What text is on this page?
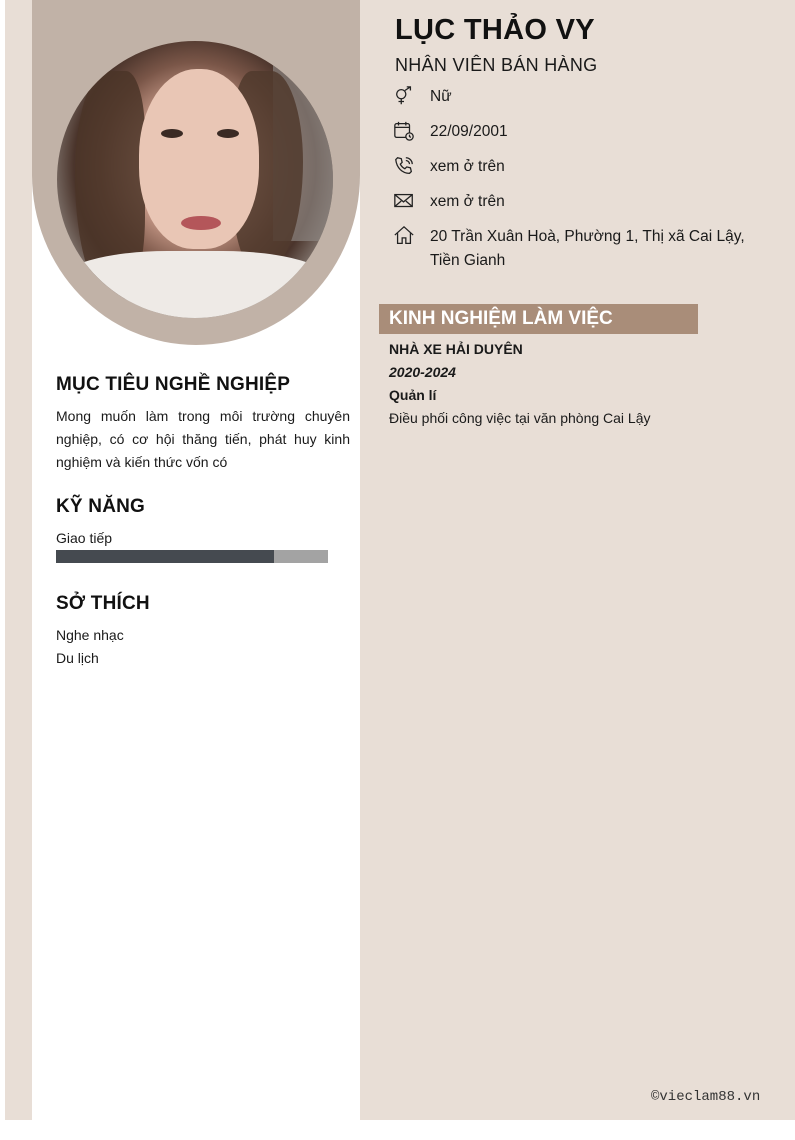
MỤC TIÊU NGHỀ NGHIỆP
Mong muốn làm trong môi trường chuyên nghiệp, có cơ hội thăng tiến, phát huy kinh nghiệm và kiến thức vốn có
KỸ NĂNG
Giao tiếp
SỞ THÍCH
Nghe nhạc
Du lịch
LỤC THẢO VY
NHÂN VIÊN BÁN HÀNG
Nữ
22/09/2001
xem ở trên
xem ở trên
20 Trần Xuân Hoà, Phường 1, Thị xã Cai Lậy, Tiền Gianh
KINH NGHIỆM LÀM VIỆC
NHÀ XE HẢI DUYÊN
2020-2024
Quản lí
Điều phối công việc tại văn phòng Cai Lậy
©vieclam88.vn
